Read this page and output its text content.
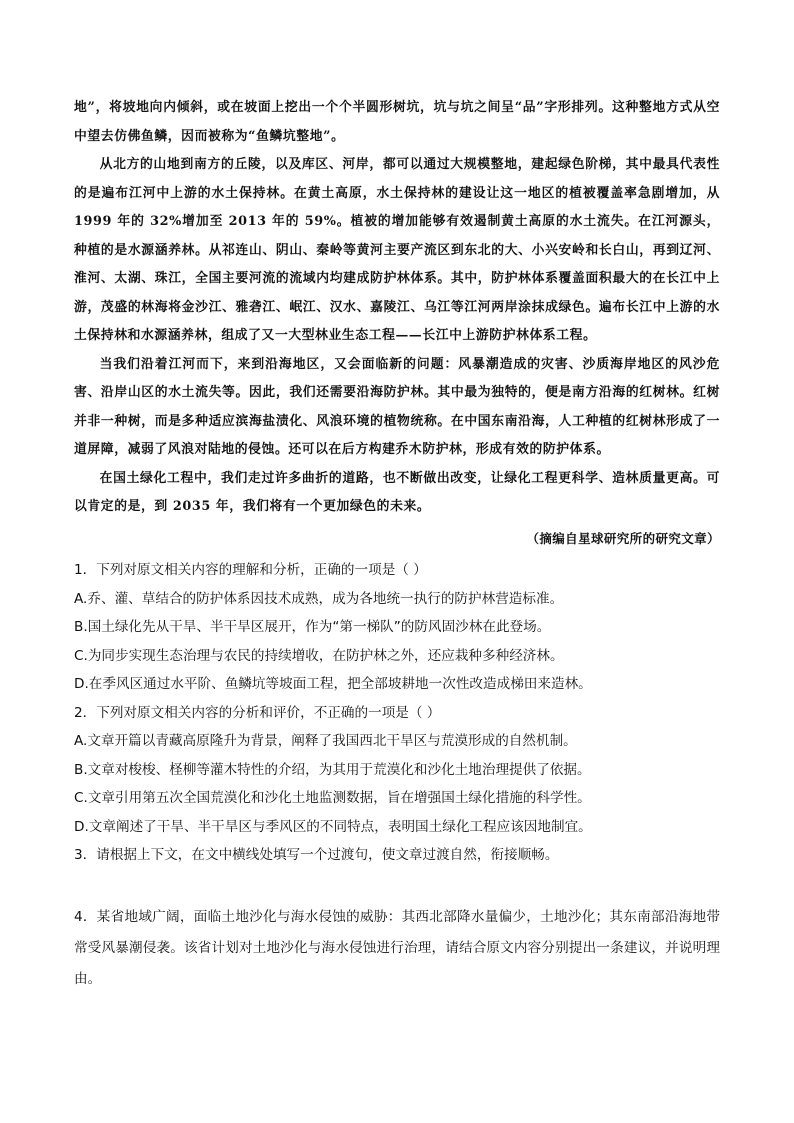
地”，将坡地向内倾斜，或在坡面上挖出一个个半圆形树坑，坑与坑之间呈“品”字形排列。这种整地方式从空中望去仿佛鱼鳞，因而被称为“鱼鳞坑整地”。

从北方的山地到南方的丘陵，以及库区、河岸，都可以通过大规模整地，建起绿色阶梯，其中最具代表性的是遍布江河中上游的水土保持林。在黄土高原，水土保持林的建设让这一地区的植被覆盖率急剧增加，从 1999 年的 32%增加至 2013 年的 59%。植被的增加能够有效遏制黄土高原的水土流失。在江河源头，种植的是水源涵养林。从祁连山、阴山、秦岭等黄河主要产流区到东北的大、小兴安岭和长白山，再到辽河、淮河、太湖、珠江，全国主要河流的流域内均建成防护林体系。其中，防护林体系覆盖面积最大的在长江中上游，茂盛的林海将金沙江、雅砻江、岷江、汉水、嘉陵江、乌江等江河两岸涂抹成绿色。遍布长江中上游的水土保持林和水源涵养林，组成了又一大型林业生态工程——长江中上游防护林体系工程。

当我们沿着江河而下，来到沿海地区，又会面临新的问题：风暴潮造成的灾害、沙质海岸地区的风沙危害、沿岸山区的水土流失等。因此，我们还需要沿海防护林。其中最为独特的，便是南方沿海的红树林。红树并非一种树，而是多种适应滨海盐渍化、风浪环境的植物统称。在中国东南沿海，人工种植的红树林形成了一道屏障，减弱了风浪对陆地的侵蚀。还可以在后方构建乔木防护林，形成有效的防护体系。

在国土绿化工程中，我们走过许多曲折的道路，也不断做出改变，让绿化工程更科学、造林质量更高。可以肯定的是，到 2035 年，我们将有一个更加绿色的未来。

（摘编自星球研究所的研究文章）

1．下列对原文相关内容的理解和分析，正确的一项是（ ）

A.乔、灌、草结合的防护体系因技术成熟，成为各地统一执行的防护林营造标准。

B.国土绿化先从干旱、半干旱区展开，作为“第一梯队”的防风固沙林在此登场。

C.为同步实现生态治理与农民的持续增收，在防护林之外，还应栽种多种经济林。

D.在季风区通过水平阶、鱼鳞坑等坡面工程，把全部坡耕地一次性改造成梯田来造林。

2．下列对原文相关内容的分析和评价，不正确的一项是（ ）

A.文章开篇以青藏高原隆升为背景，阐释了我国西北干旱区与荒漠形成的自然机制。

B.文章对梭梭、柽柳等灌木特性的介绍，为其用于荒漠化和沙化土地治理提供了依据。

C.文章引用第五次全国荒漠化和沙化土地监测数据，旨在增强国土绿化措施的科学性。

D.文章阐述了干旱、半干旱区与季风区的不同特点，表明国土绿化工程应该因地制宜。

3．请根据上下文，在文中横线处填写一个过渡句，使文章过渡自然，衔接顺畅。

4．某省地域广阔，面临土地沙化与海水侵蚀的威胁：其西北部降水量偏少，土地沙化；其东南部沿海地带常受风暴潮侵袭。该省计划对土地沙化与海水侵蚀进行治理，请结合原文内容分别提出一条建议，并说明理由。
